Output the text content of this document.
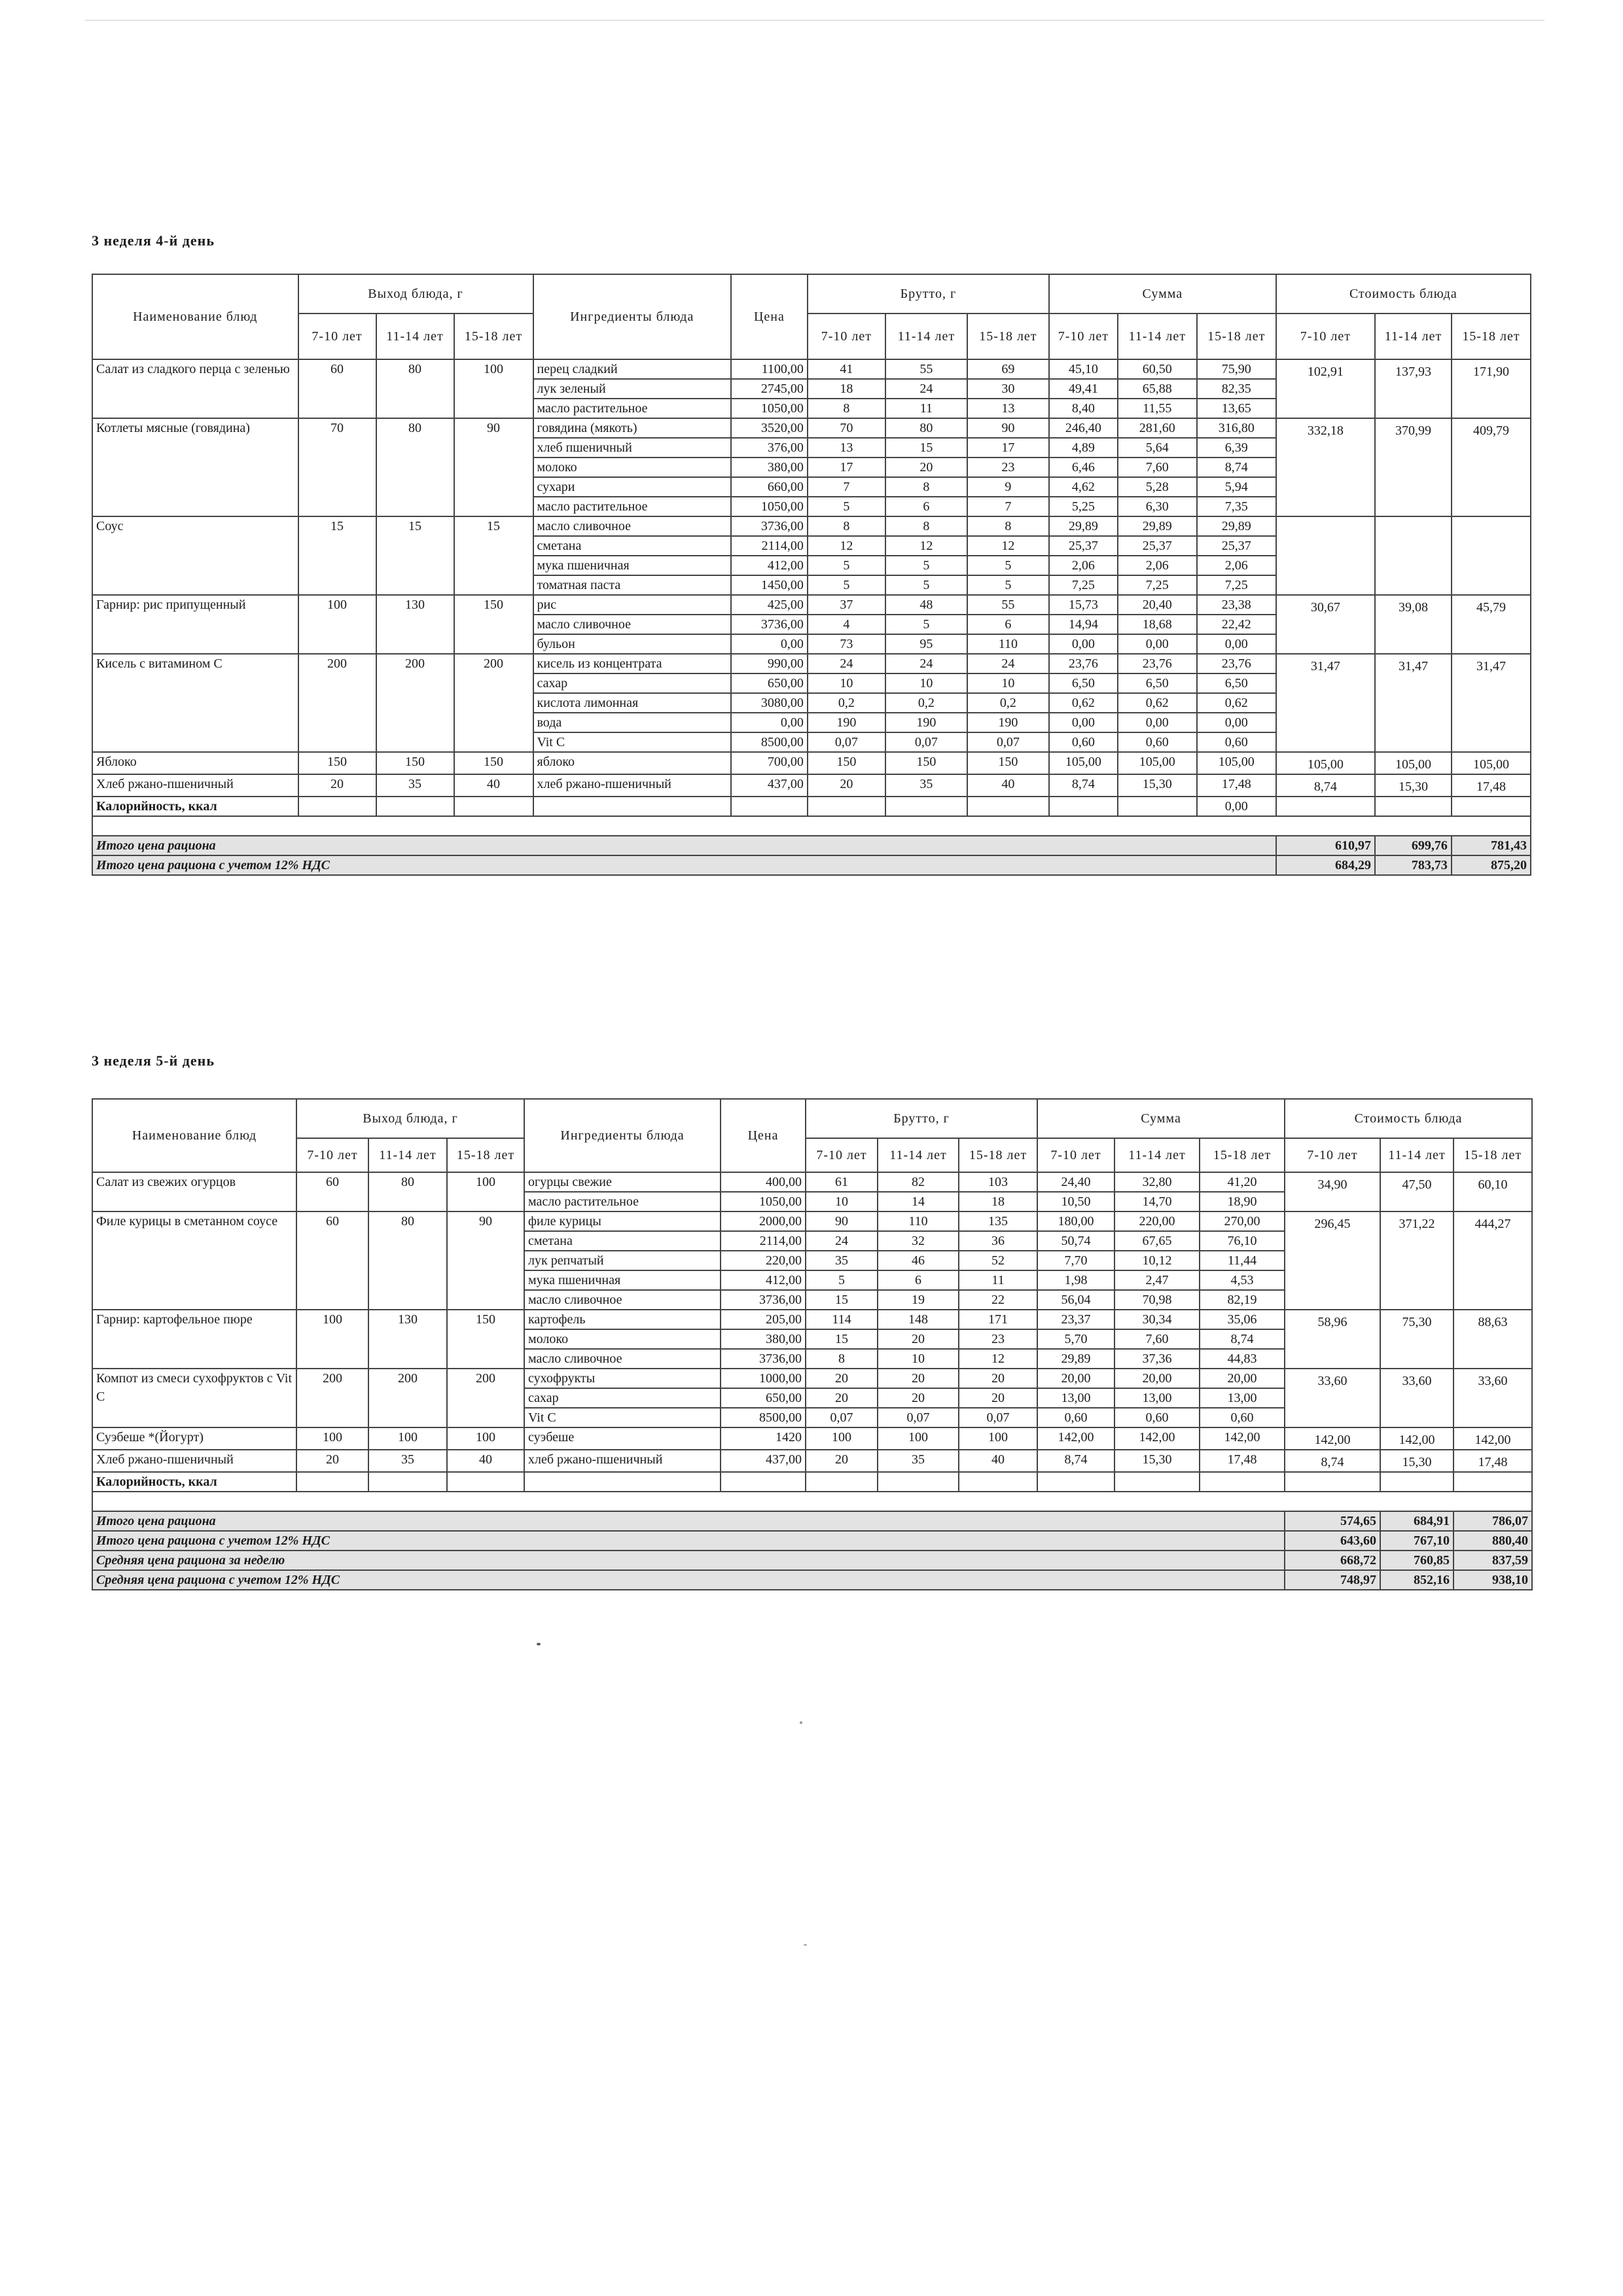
3 неделя 4-й день
Наименование блюд	Выход блюда, г			Ингредиенты блюда	Цена	Брутто, г			Сумма			Стоимость блюда		
	7-10 лет	11-14 лет	15-18 лет			7-10 лет	11-14 лет	15-18 лет	7-10 лет	11-14 лет	15-18 лет	7-10 лет	11-14 лет	15-18 лет
Салат из сладкого перца с зеленью	60	80	100	перец сладкий	1100,00	41	55	69	45,10	60,50	75,90	102,91	137,93	171,90
				лук зеленый	2745,00	18	24	30	49,41	65,88	82,35			
				масло растительное	1050,00	8	11	13	8,40	11,55	13,65			
Котлеты мясные (говядина)	70	80	90	говядина (мякоть)	3520,00	70	80	90	246,40	281,60	316,80	332,18	370,99	409,79
				хлеб пшеничный	376,00	13	15	17	4,89	5,64	6,39			
				молоко	380,00	17	20	23	6,46	7,60	8,74			
				сухари	660,00	7	8	9	4,62	5,28	5,94			
				масло растительное	1050,00	5	6	7	5,25	6,30	7,35			
Соус	15	15	15	масло сливочное	3736,00	8	8	8	29,89	29,89	29,89			
				сметана	2114,00	12	12	12	25,37	25,37	25,37			
				мука пшеничная	412,00	5	5	5	2,06	2,06	2,06			
				томатная паста	1450,00	5	5	5	7,25	7,25	7,25			
Гарнир: рис припущенный	100	130	150	рис	425,00	37	48	55	15,73	20,40	23,38	30,67	39,08	45,79
				масло сливочное	3736,00	4	5	6	14,94	18,68	22,42			
				бульон	0,00	73	95	110	0,00	0,00	0,00			
Кисель с витамином С	200	200	200	кисель из концентрата	990,00	24	24	24	23,76	23,76	23,76	31,47	31,47	31,47
				сахар	650,00	10	10	10	6,50	6,50	6,50			
				кислота лимонная	3080,00	0,2	0,2	0,2	0,62	0,62	0,62			
				вода	0,00	190	190	190	0,00	0,00	0,00			
				Vit C	8500,00	0,07	0,07	0,07	0,60	0,60	0,60			
Яблоко	150	150	150	яблоко	700,00	150	150	150	105,00	105,00	105,00	105,00	105,00	105,00
Хлеб ржано-пшеничный	20	35	40	хлеб ржано-пшеничный	437,00	20	35	40	8,74	15,30	17,48	8,74	15,30	17,48
Калорийность, ккал											0,00			

Итого цена рациона												610,97	699,76	781,43
Итого цена рациона с учетом 12% НДС												684,29	783,73	875,20
3 неделя 5-й день
Наименование блюд	Выход блюда, г			Ингредиенты блюда	Цена	Брутто, г			Сумма			Стоимость блюда		
	7-10 лет	11-14 лет	15-18 лет			7-10 лет	11-14 лет	15-18 лет	7-10 лет	11-14 лет	15-18 лет	7-10 лет	11-14 лет	15-18 лет
Салат из свежих огурцов	60	80	100	огурцы свежие	400,00	61	82	103	24,40	32,80	41,20	34,90	47,50	60,10
				масло растительное	1050,00	10	14	18	10,50	14,70	18,90			
Филе курицы в сметанном соусе	60	80	90	филе курицы	2000,00	90	110	135	180,00	220,00	270,00	296,45	371,22	444,27
				сметана	2114,00	24	32	36	50,74	67,65	76,10			
				лук репчатый	220,00	35	46	52	7,70	10,12	11,44			
				мука пшеничная	412,00	5	6	11	1,98	2,47	4,53			
				масло сливочное	3736,00	15	19	22	56,04	70,98	82,19			
Гарнир: картофельное пюре	100	130	150	картофель	205,00	114	148	171	23,37	30,34	35,06	58,96	75,30	88,63
				молоко	380,00	15	20	23	5,70	7,60	8,74			
				масло сливочное	3736,00	8	10	12	29,89	37,36	44,83			
Компот из смеси сухофруктов с Vit C	200	200	200	сухофрукты	1000,00	20	20	20	20,00	20,00	20,00	33,60	33,60	33,60
				сахар	650,00	20	20	20	13,00	13,00	13,00			
				Vit C	8500,00	0,07	0,07	0,07	0,60	0,60	0,60			
Суэбеше *(Йогурт)	100	100	100	суэбеше	1420	100	100	100	142,00	142,00	142,00	142,00	142,00	142,00
Хлеб ржано-пшеничный	20	35	40	хлеб ржано-пшеничный	437,00	20	35	40	8,74	15,30	17,48	8,74	15,30	17,48
Калорийность, ккал														

Итого цена рациона												574,65	684,91	786,07
Итого цена рациона с учетом 12% НДС												643,60	767,10	880,40
Средняя цена рациона за неделю												668,72	760,85	837,59
Средняя цена рациона с учетом 12% НДС												748,97	852,16	938,10
